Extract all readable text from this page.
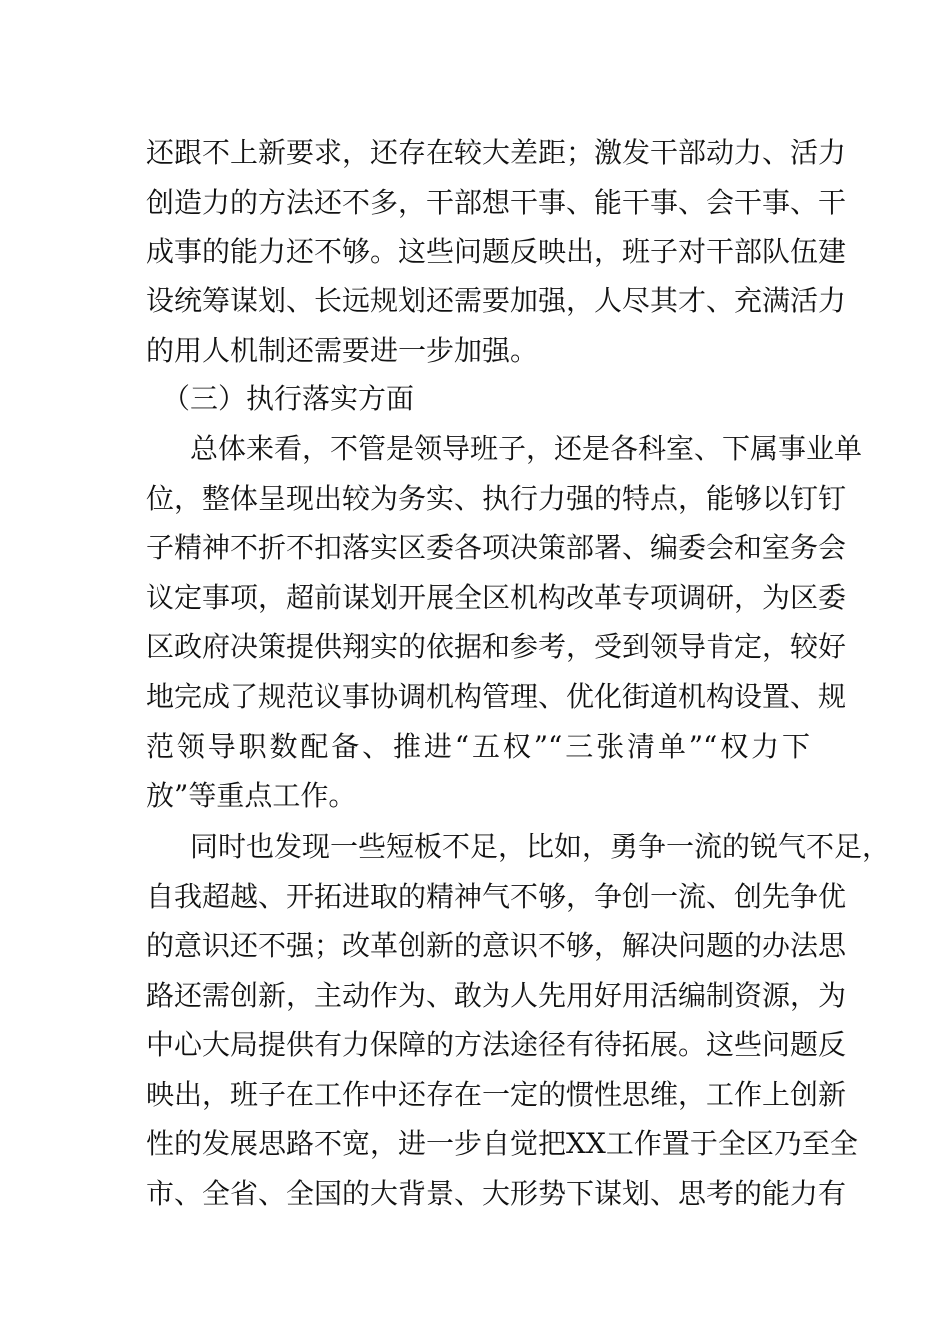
还跟不上新要求，还存在较大差距；激发干部动力、活力
创造力的方法还不多，干部想干事、能干事、会干事、干
成事的能力还不够。这些问题反映出，班子对干部队伍建
设统筹谋划、长远规划还需要加强，人尽其才、充满活力
的用人机制还需要进一步加强。
（三）执行落实方面
总体来看，不管是领导班子，还是各科室、下属事业单
位，整体呈现出较为务实、执行力强的特点，能够以钉钉
子精神不折不扣落实区委各项决策部署、编委会和室务会
议定事项，超前谋划开展全区机构改革专项调研，为区委
区政府决策提供翔实的依据和参考，受到领导肯定，较好
地完成了规范议事协调机构管理、优化街道机构设置、规
范领导职数配备、推进“五权”“三张清单”“权力下
放”等重点工作。
同时也发现一些短板不足，比如，勇争一流的锐气不足，
自我超越、开拓进取的精神气不够，争创一流、创先争优
的意识还不强；改革创新的意识不够，解决问题的办法思
路还需创新，主动作为、敢为人先用好用活编制资源，为
中心大局提供有力保障的方法途径有待拓展。这些问题反
映出，班子在工作中还存在一定的惯性思维，工作上创新
性的发展思路不宽，进一步自觉把XX工作置于全区乃至全
市、全省、全国的大背景、大形势下谋划、思考的能力有
